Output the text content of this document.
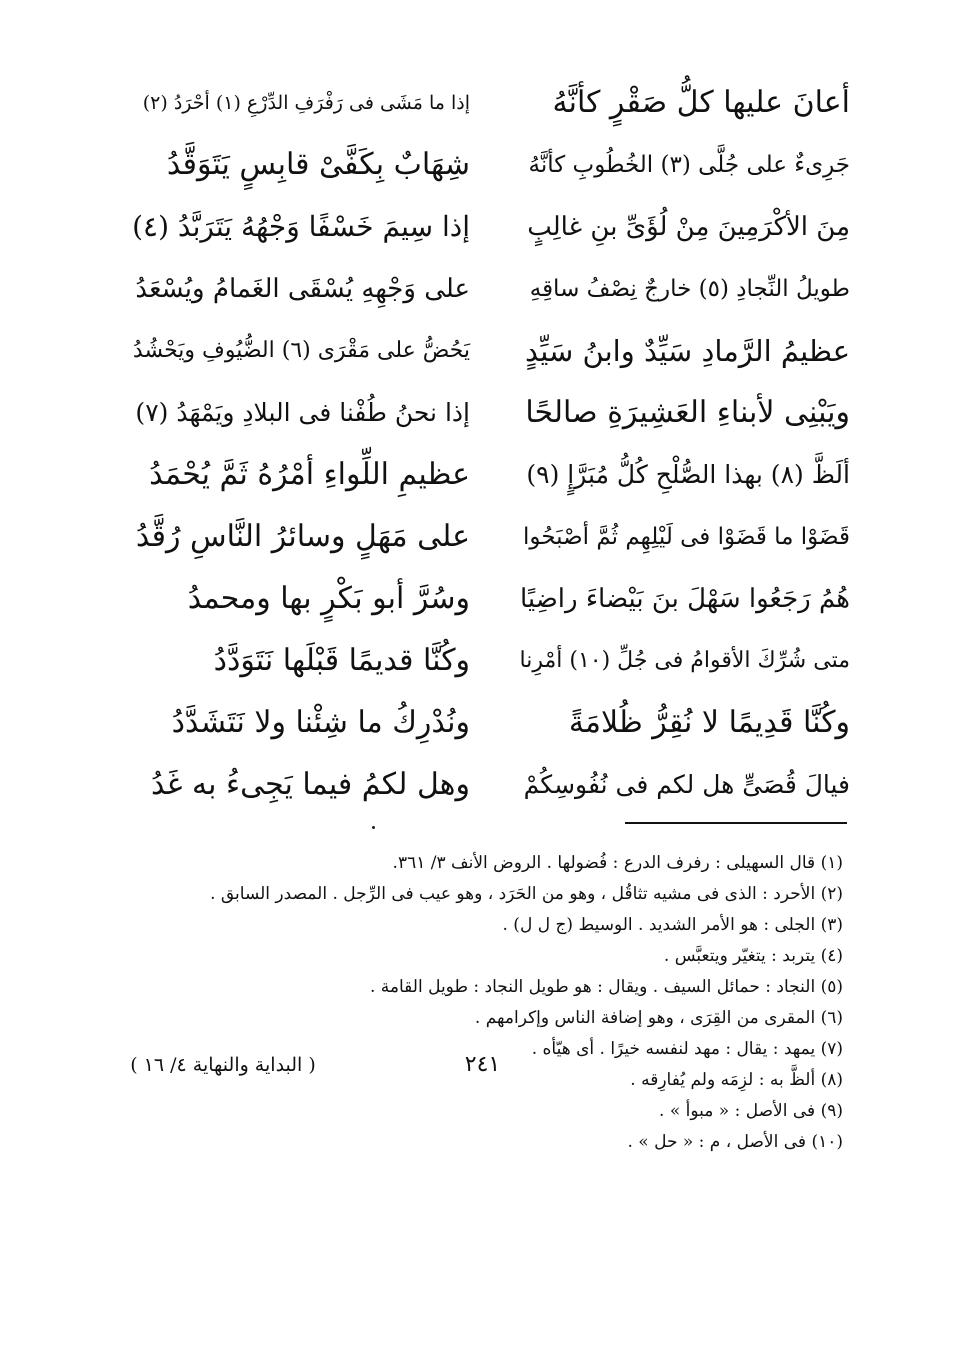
أعانَ عليها كلُّ صَقْرٍ كأنَّهُ
إذا ما مَشَى فى رَفْرَفِ الدِّرْعِ (١) أحْرَدُ (٢)
جَرِىءٌ على جُلَّى (٣) الخُطُوبِ كأنَّهُ
شِهَابٌ بِكَفَّىْ قابِسٍ يَتَوَقَّدُ
مِنَ الأكْرَمِينَ مِنْ لُؤَىِّ بنِ غالِبٍ
إذا سِيمَ خَسْفًا وَجْهُهُ يَتَرَبَّدُ (٤)
طويلُ النِّجادِ (٥) خارجٌ نِصْفُ ساقِهِ
على وَجْهِهِ يُسْقَى الغَمامُ ويُسْعَدُ
عظيمُ الرَّمادِ سَيِّدٌ وابنُ سَيِّدٍ
يَحُضُّ على مَقْرَى (٦) الضُّيُوفِ ويَحْشُدُ
ويَبْنِى لأبناءِ العَشِيرَةِ صالحًا
إذا نحنُ طُفْنا فى البلادِ ويَمْهَدُ (٧)
ألَظَّ (٨) بهذا الصُّلْحِ كُلُّ مُبَرَّإٍ (٩)
عظيمِ اللِّواءِ أمْرُهُ ثَمَّ يُحْمَدُ
قَضَوْا ما قَضَوْا فى لَيْلِهِم ثُمَّ أصْبَحُوا
على مَهَلٍ وسائرُ النَّاسِ رُقَّدُ
هُمُ رَجَعُوا سَهْلَ بنَ بَيْضاءَ راضِيًا
وسُرَّ أبو بَكْرٍ بها ومحمدُ
متى شُرِّكَ الأقوامُ فى جُلِّ (١٠) أمْرِنا
وكُنَّا قديمًا قَبْلَها نَتَوَدَّدُ
وكُنَّا قَدِيمًا لا نُقِرُّ ظُلامَةً
ونُدْرِكُ ما شِئْنا ولا نَتَشَدَّدُ
فيالَ قُصَىٍّ هل لكم فى نُفُوسِكُمْ
وهل لكمُ فيما يَجِىءُ به غَدُ
(١) قال السهيلى : رفرف الدرع : فُضولها . الروض الأنف ٣/ ٣٦١.
(٢) الأحرد : الذى فى مشيه تثاقُل ، وهو من الحَرَد ، وهو عيب فى الرِّجل . المصدر السابق .
(٣) الجلى : هو الأمر الشديد . الوسيط (ج ل ل) .
(٤) يتربد : يتغيّر ويتعبَّس .
(٥) النجاد : حمائل السيف . ويقال : هو طويل النجاد : طويل القامة .
(٦) المقرى من القِرَى ، وهو إضافة الناس وإكرامهم .
(٧) يمهد : يقال : مهد لنفسه خيرًا . أى هيّأه .
(٨) ألظَّ به : لزِمَه ولم يُفارِقه .
(٩) فى الأصل : « مبوأ » .
(١٠) فى الأصل ، م : « حل » .
٢٤١
( البداية والنهاية ٤/ ١٦ )
